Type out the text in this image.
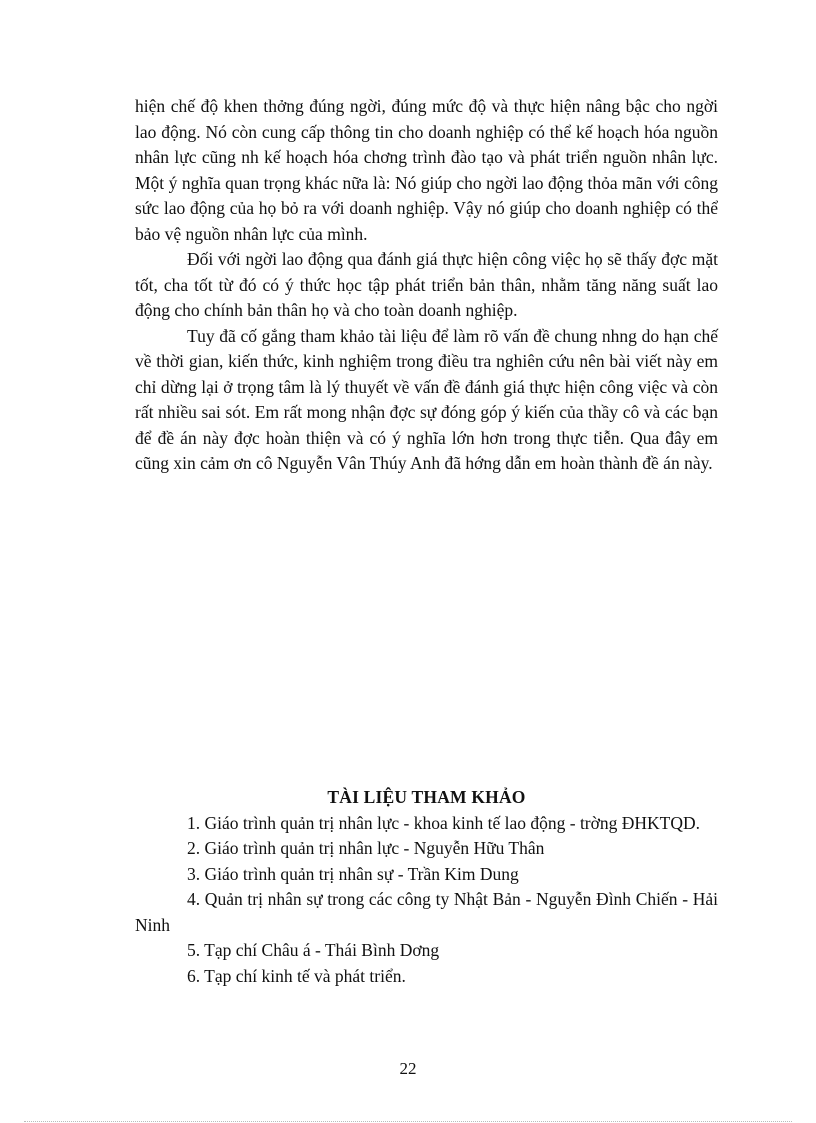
hiện chế độ khen thởng đúng ngời, đúng mức độ và thực hiện nâng bậc cho ngời lao động. Nó còn cung cấp thông tin cho doanh nghiệp có thể kế hoạch hóa nguồn nhân lực cũng nh kế hoạch hóa chơng trình đào tạo và phát triển nguồn nhân lực. Một ý nghĩa quan trọng khác nữa là: Nó giúp cho ngời lao động thỏa mãn với công sức lao động của họ bỏ ra với doanh nghiệp. Vậy nó giúp cho doanh nghiệp có thể bảo vệ nguồn nhân lực của mình.

Đối với ngời lao động qua đánh giá thực hiện công việc họ sẽ thấy đợc mặt tốt, cha tốt từ đó có ý thức học tập phát triển bản thân, nhằm tăng năng suất lao động cho chính bản thân họ và cho toàn doanh nghiệp.

Tuy đã cố gắng tham khảo tài liệu để làm rõ vấn đề chung nhng do hạn chế về thời gian, kiến thức, kinh nghiệm trong điều tra nghiên cứu nên bài viết này em chỉ dừng lại ở trọng tâm là lý thuyết về vấn đề đánh giá thực hiện công việc và còn rất nhiều sai sót. Em rất mong nhận đợc sự đóng góp ý kiến của thầy cô và các bạn để đề án này đợc hoàn thiện và có ý nghĩa lớn hơn trong thực tiễn. Qua đây em cũng xin cảm ơn cô Nguyễn Vân Thúy Anh đã hớng dẫn em hoàn thành đề án này.

TÀI LIỆU THAM KHẢO

1. Giáo trình quản trị nhân lực - khoa kinh tế lao động - trờng ĐHKTQD.

2. Giáo trình quản trị nhân lực - Nguyễn Hữu Thân

3. Giáo trình quản trị nhân sự - Trần Kim Dung

4. Quản trị nhân sự trong các công ty Nhật Bản - Nguyễn Đình Chiến - Hải Ninh

5. Tạp chí Châu á - Thái Bình Dơng

6. Tạp chí kinh tế và phát triển.

22
